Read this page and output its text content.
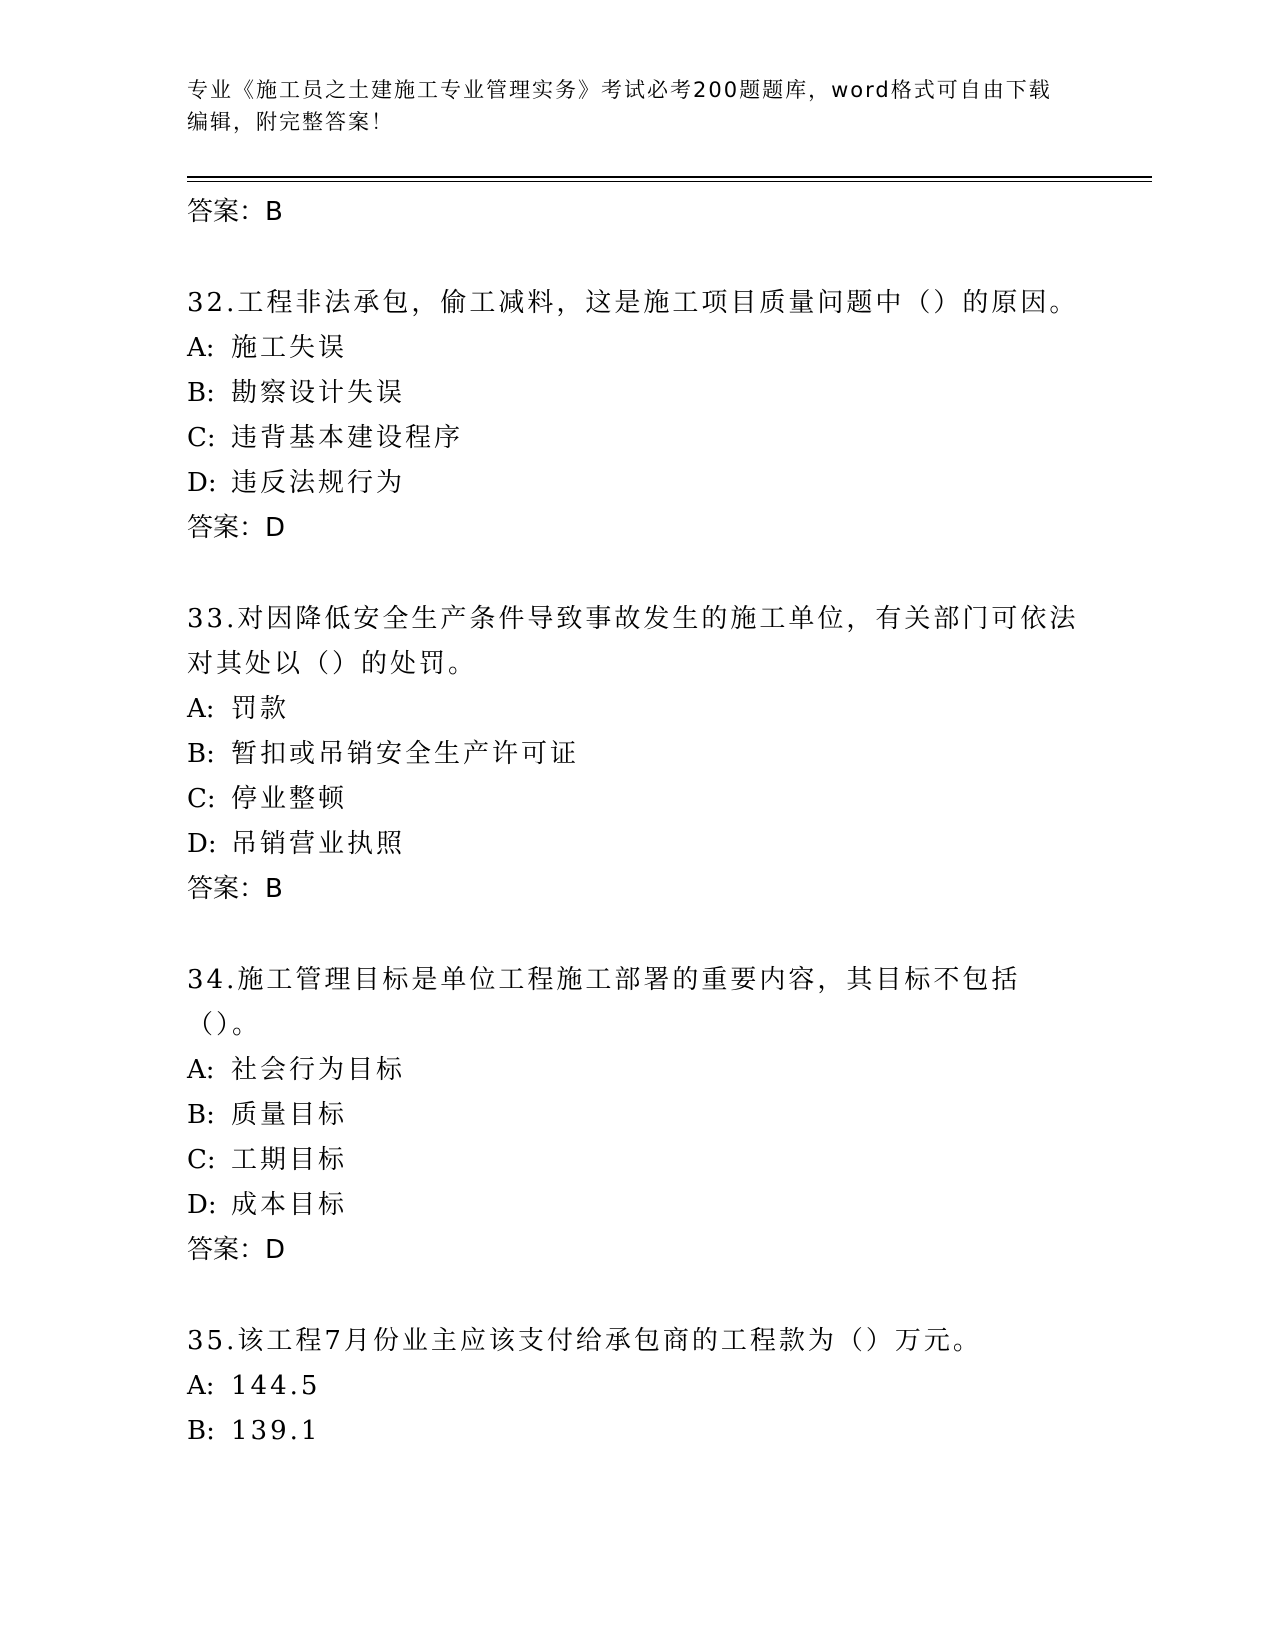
专业《施工员之土建施工专业管理实务》考试必考200题题库，word格式可自由下载编辑，附完整答案！
答案：B
32.工程非法承包，偷工减料，这是施工项目质量问题中（）的原因。
A: 施工失误
B: 勘察设计失误
C: 违背基本建设程序
D: 违反法规行为
答案：D
33.对因降低安全生产条件导致事故发生的施工单位，有关部门可依法对其处以（）的处罚。
A: 罚款
B: 暂扣或吊销安全生产许可证
C: 停业整顿
D: 吊销营业执照
答案：B
34.施工管理目标是单位工程施工部署的重要内容，其目标不包括（）。
A: 社会行为目标
B: 质量目标
C: 工期目标
D: 成本目标
答案：D
35.该工程7月份业主应该支付给承包商的工程款为（）万元。
A: 144.5
B: 139.1
